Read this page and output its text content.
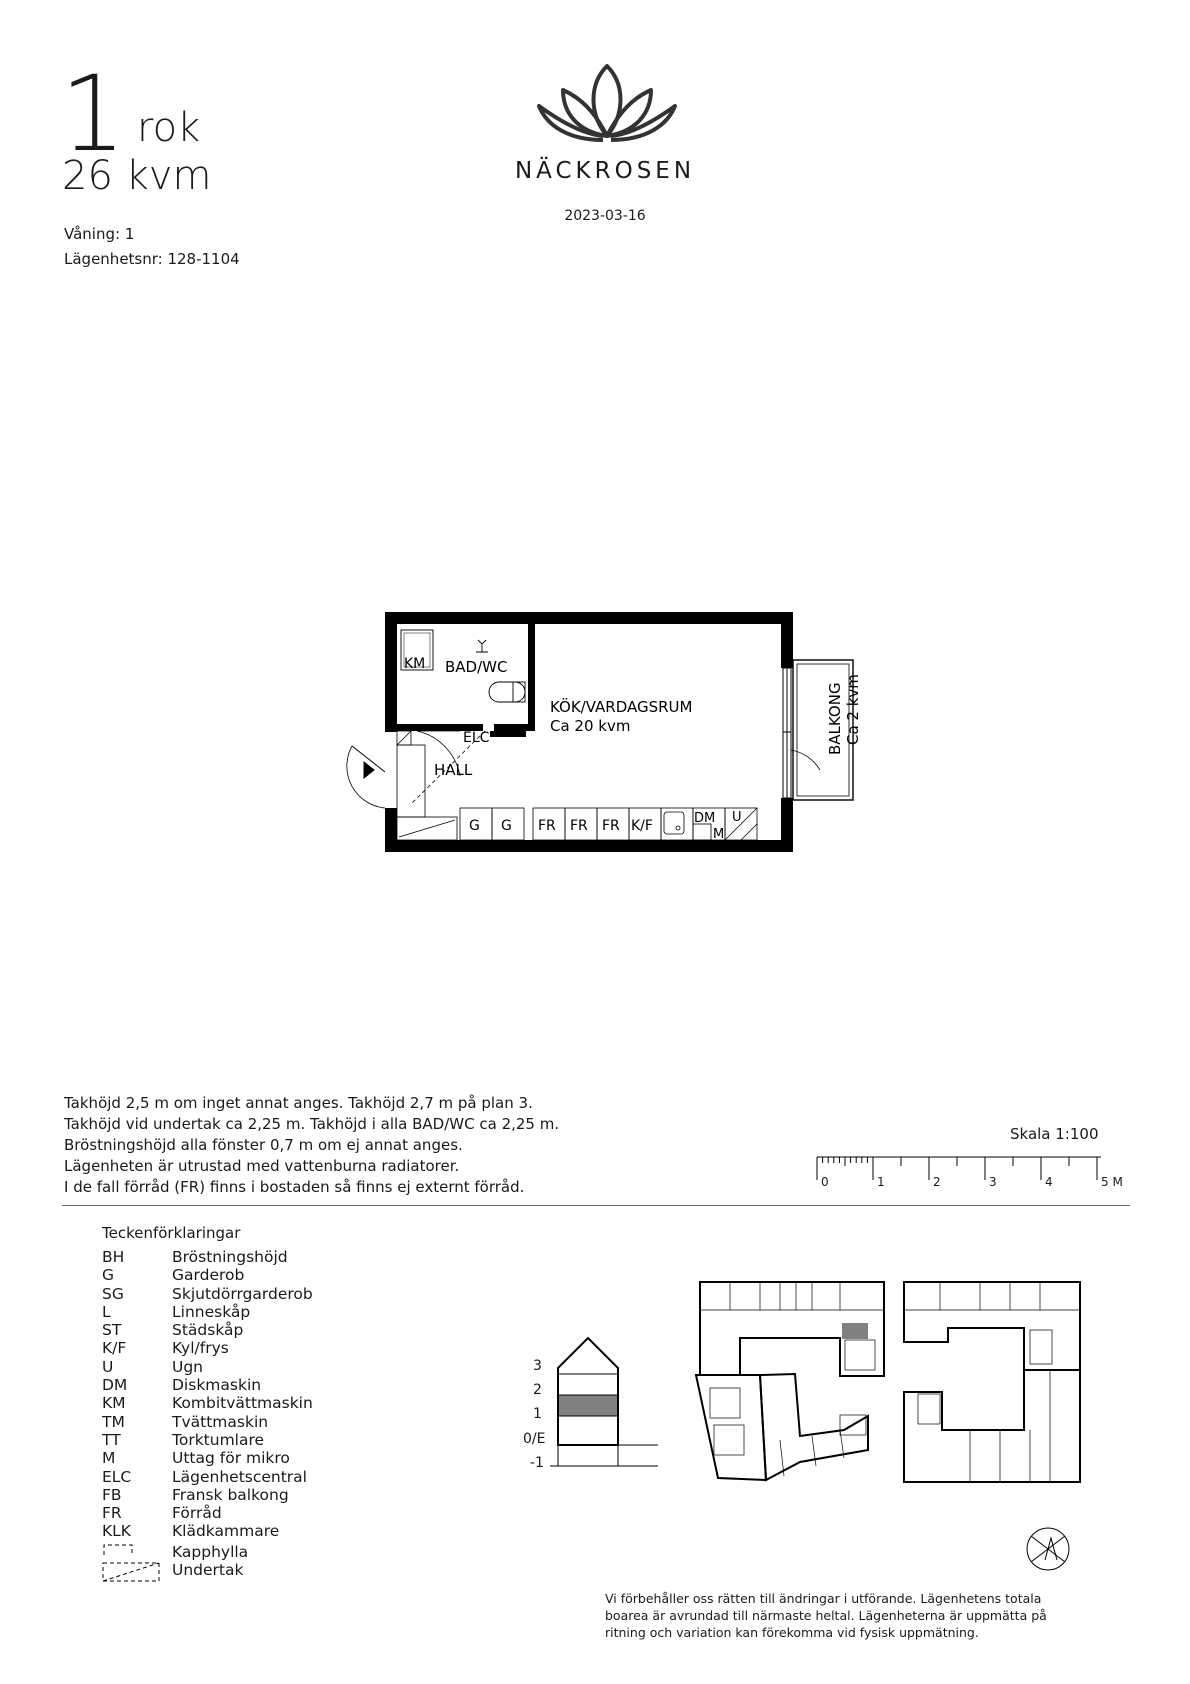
1 rok
26 kvm
Våning: 1
Lägenhetsnr: 128-1104
NÄCKROSEN
2023-03-16
KM BAD/WC
KÖK/VARDAGSRUM
Ca 20 kvm
ELC
HALL
G G FR FR FR K/F	DM
M
U
BALKONG Ca 2 kvm
Takhöjd 2,5 m om inget annat anges. Takhöjd 2,7 m på plan 3.
Takhöjd vid undertak ca 2,25 m. Takhöjd i alla BAD/WC ca 2,25 m.
Bröstningshöjd alla fönster 0,7 m om ej annat anges.
Lägenheten är utrustad med vattenburna radiatorer.
I de fall förråd (FR) finns i bostaden så finns ej externt förråd.
Skala 1:100
0	1	2	3	4	5 M
Teckenförklaringar
BH	Bröstningshöjd
G	Garderob
SG	Skjutdörrgarderob
L	Linneskåp
ST	Städskåp
K/F	Kyl/frys
U	Ugn
DM	Diskmaskin
KM	Kombitvättmaskin
TM	Tvättmaskin
TT	Torktumlare
M	Uttag för mikro
ELC	Lägenhetscentral
FB	Fransk balkong
FR	Förråd
KLK	Klädkammare
Kapphylla
Undertak
3
2
1
0/E
-1
Vi förbehåller oss rätten till ändringar i utförande. Lägenhetens totala
boarea är avrundad till närmaste heltal. Lägenheterna är uppmätta på
ritning och variation kan förekomma vid fysisk uppmätning.
